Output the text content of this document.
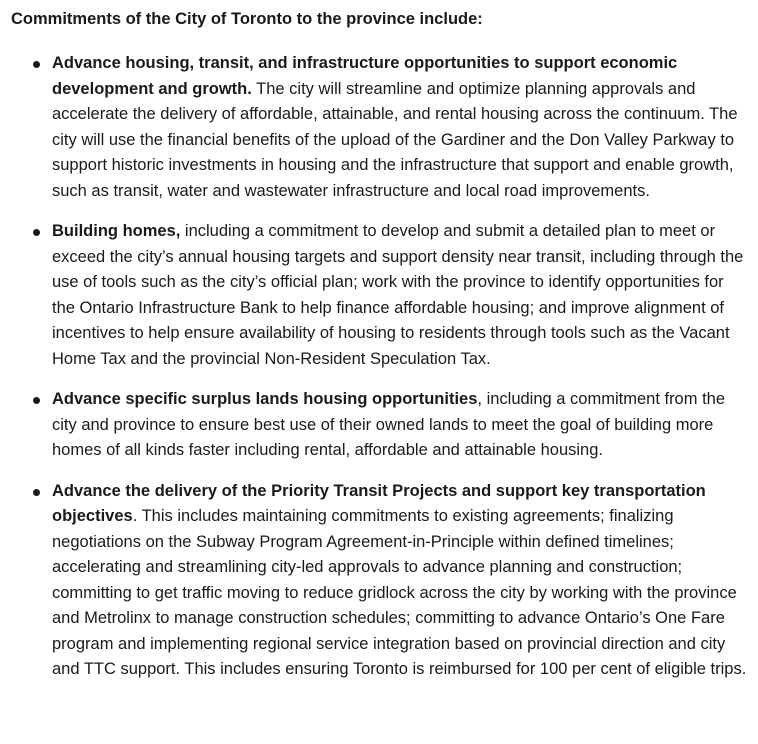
Commitments of the City of Toronto to the province include:

Advance housing, transit, and infrastructure opportunities to support economic development and growth. The city will streamline and optimize planning approvals and accelerate the delivery of affordable, attainable, and rental housing across the continuum. The city will use the financial benefits of the upload of the Gardiner and the Don Valley Parkway to support historic investments in housing and the infrastructure that support and enable growth, such as transit, water and wastewater infrastructure and local road improvements.
Building homes, including a commitment to develop and submit a detailed plan to meet or exceed the city’s annual housing targets and support density near transit, including through the use of tools such as the city’s official plan; work with the province to identify opportunities for the Ontario Infrastructure Bank to help finance affordable housing; and improve alignment of incentives to help ensure availability of housing to residents through tools such as the Vacant Home Tax and the provincial Non-Resident Speculation Tax.
Advance specific surplus lands housing opportunities, including a commitment from the city and province to ensure best use of their owned lands to meet the goal of building more homes of all kinds faster including rental, affordable and attainable housing.
Advance the delivery of the Priority Transit Projects and support key transportation objectives. This includes maintaining commitments to existing agreements; finalizing negotiations on the Subway Program Agreement-in-Principle within defined timelines; accelerating and streamlining city-led approvals to advance planning and construction; committing to get traffic moving to reduce gridlock across the city by working with the province and Metrolinx to manage construction schedules; committing to advance Ontario’s One Fare program and implementing regional service integration based on provincial direction and city and TTC support. This includes ensuring Toronto is reimbursed for 100 per cent of eligible trips.
